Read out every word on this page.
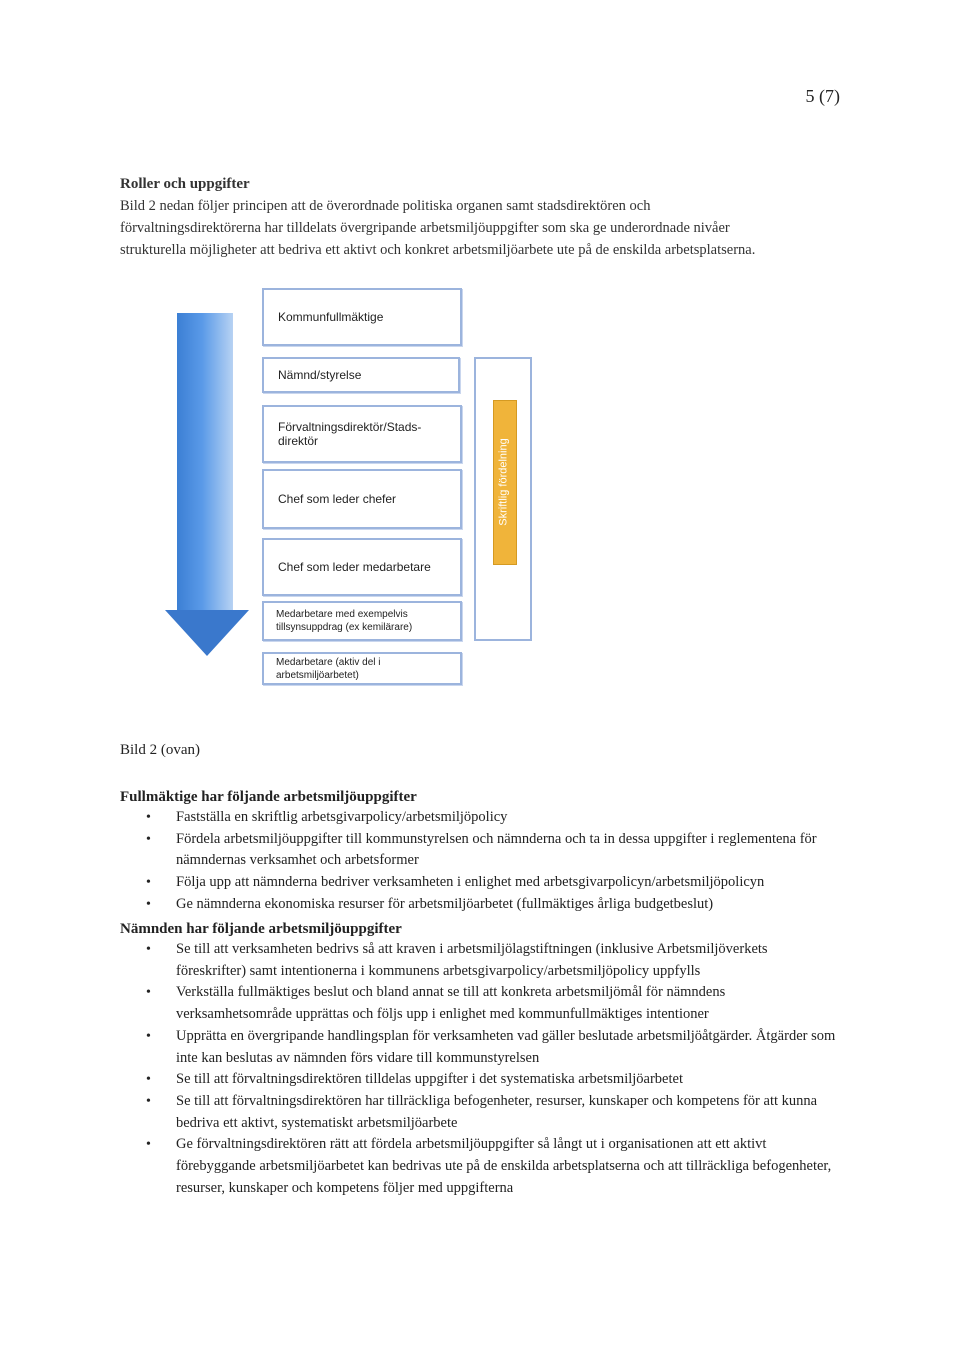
5 (7)
Roller och uppgifter

Bild 2 nedan följer principen att de överordnade politiska organen samt stadsdirektören och

förvaltningsdirektörerna har tilldelats övergripande arbetsmiljöuppgifter som ska ge underordnade nivåer

strukturella möjligheter att bedriva ett aktivt och konkret arbetsmiljöarbete ute på de enskilda arbetsplatserna.

Kommunfullmäktige
Nämnd/styrelse
Förvaltningsdirektör/Stads-direktör
Chef som leder chefer
Chef som leder medarbetare
Medarbetare med exempelvis tillsynsuppdrag (ex kemilärare)
Medarbetare (aktiv del i arbetsmiljöarbetet)
Skriftlig fördelning
Bild 2 (ovan)
Fullmäktige har följande arbetsmiljöuppgifter
• Fastställa en skriftlig arbetsgivarpolicy/arbetsmiljöpolicy
• Fördela arbetsmiljöuppgifter till kommunstyrelsen och nämnderna och ta in dessa uppgifter i reglementena för nämndernas verksamhet och arbetsformer
• Följa upp att nämnderna bedriver verksamheten i enlighet med arbetsgivarpolicyn/arbetsmiljöpolicyn
• Ge nämnderna ekonomiska resurser för arbetsmiljöarbetet (fullmäktiges årliga budgetbeslut)
Nämnden har följande arbetsmiljöuppgifter
• Se till att verksamheten bedrivs så att kraven i arbetsmiljölagstiftningen (inklusive Arbetsmiljöverkets föreskrifter) samt intentionerna i kommunens arbetsgivarpolicy/arbetsmiljöpolicy uppfylls
• Verkställa fullmäktiges beslut och bland annat se till att konkreta arbetsmiljömål för nämndens verksamhetsområde upprättas och följs upp i enlighet med kommunfullmäktiges intentioner
• Upprätta en övergripande handlingsplan för verksamheten vad gäller beslutade arbetsmiljöåtgärder. Åtgärder som inte kan beslutas av nämnden förs vidare till kommunstyrelsen
• Se till att förvaltningsdirektören tilldelas uppgifter i det systematiska arbetsmiljöarbetet
• Se till att förvaltningsdirektören har tillräckliga befogenheter, resurser, kunskaper och kompetens för att kunna bedriva ett aktivt, systematiskt arbetsmiljöarbete
• Ge förvaltningsdirektören rätt att fördela arbetsmiljöuppgifter så långt ut i organisationen att ett aktivt förebyggande arbetsmiljöarbetet kan bedrivas ute på de enskilda arbetsplatserna och att tillräckliga befogenheter, resurser, kunskaper och kompetens följer med uppgifterna
